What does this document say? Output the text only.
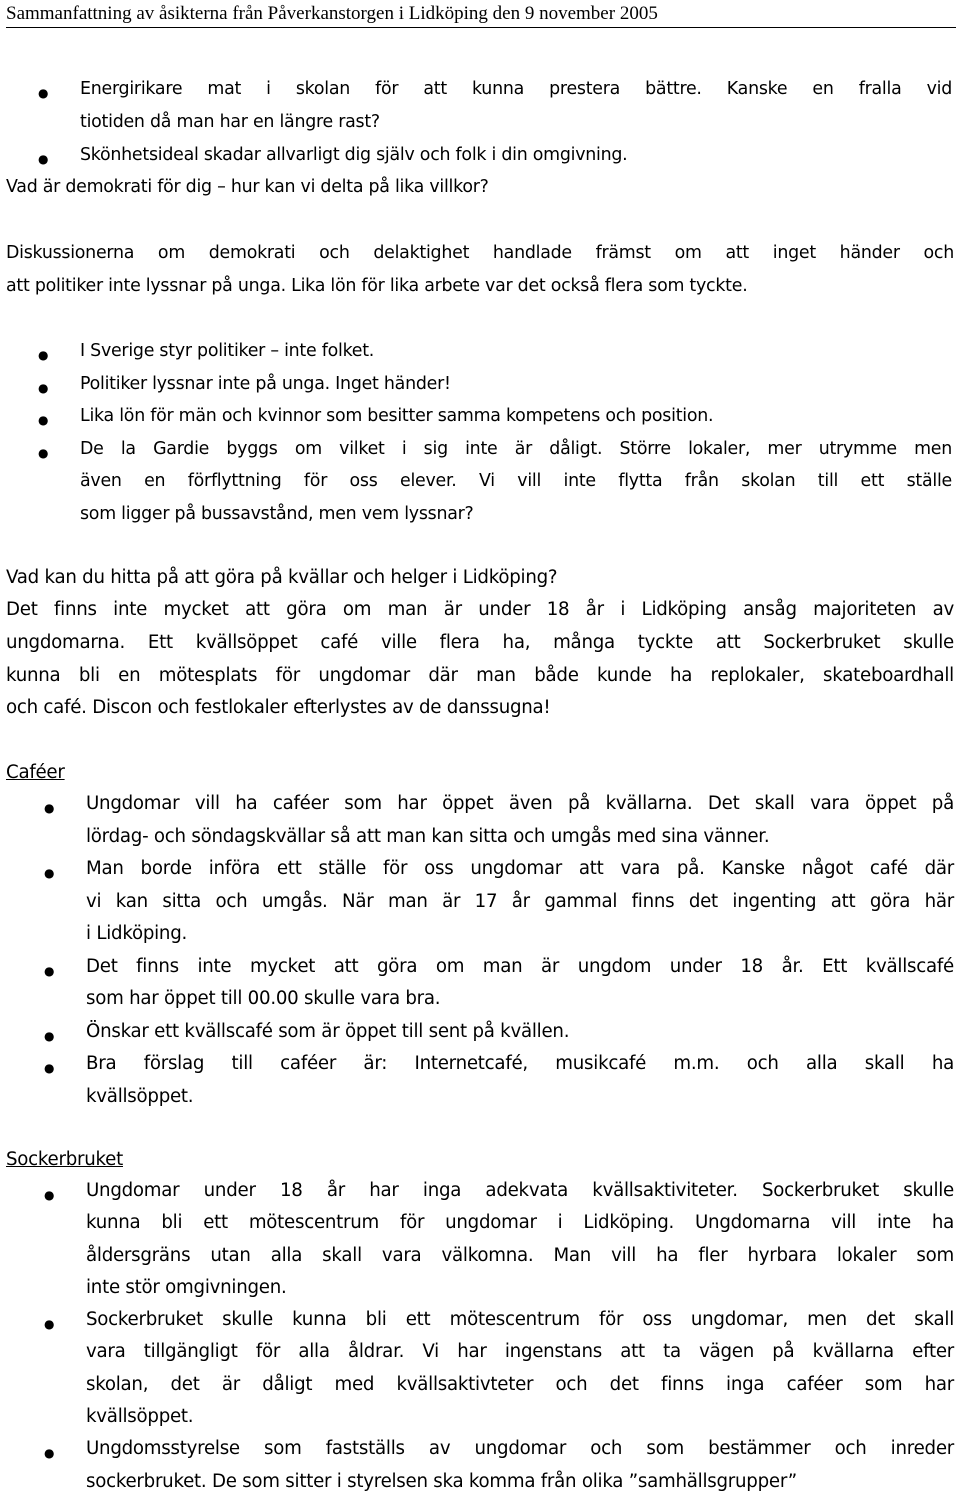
Sammanfattning av åsikterna från Påverkanstorgen i Lidköping den 9 november 2005
● Energirikare mat i skolan för att kunna prestera bättre. Kanske en fralla vid
tiotiden då man har en längre rast?
● Skönhetsideal skadar allvarligt dig själv och folk i din omgivning.
Vad är demokrati för dig – hur kan vi delta på lika villkor?
Diskussionerna om demokrati och delaktighet handlade främst om att inget händer och
att politiker inte lyssnar på unga. Lika lön för lika arbete var det också flera som tyckte.
● I Sverige styr politiker – inte folket.
● Politiker lyssnar inte på unga. Inget händer!
● Lika lön för män och kvinnor som besitter samma kompetens och position.
● De la Gardie byggs om vilket i sig inte är dåligt. Större lokaler, mer utrymme men
även en förflyttning för oss elever. Vi vill inte flytta från skolan till ett ställe
som ligger på bussavstånd, men vem lyssnar?
Vad kan du hitta på att göra på kvällar och helger i Lidköping?
Det finns inte mycket att göra om man är under 18 år i Lidköping ansåg majoriteten av
ungdomarna. Ett kvällsöppet café ville flera ha, många tyckte att Sockerbruket skulle
kunna bli en mötesplats för ungdomar där man både kunde ha replokaler, skateboardhall
och café. Discon och festlokaler efterlystes av de danssugna!
Caféer
● Ungdomar vill ha caféer som har öppet även på kvällarna. Det skall vara öppet på
lördag- och söndagskvällar så att man kan sitta och umgås med sina vänner.
● Man borde införa ett ställe för oss ungdomar att vara på. Kanske något café där
vi kan sitta och umgås. När man är 17 år gammal finns det ingenting att göra här
i Lidköping.
● Det finns inte mycket att göra om man är ungdom under 18 år. Ett kvällscafé
som har öppet till 00.00 skulle vara bra.
● Önskar ett kvällscafé som är öppet till sent på kvällen.
● Bra förslag till caféer är: Internetcafé, musikcafé m.m. och alla skall ha
kvällsöppet.
Sockerbruket
● Ungdomar under 18 år har inga adekvata kvällsaktiviteter. Sockerbruket skulle
kunna bli ett mötescentrum för ungdomar i Lidköping. Ungdomarna vill inte ha
åldersgräns utan alla skall vara välkomna. Man vill ha fler hyrbara lokaler som
inte stör omgivningen.
● Sockerbruket skulle kunna bli ett mötescentrum för oss ungdomar, men det skall
vara tillgängligt för alla åldrar. Vi har ingenstans att ta vägen på kvällarna efter
skolan, det är dåligt med kvällsaktivteter och det finns inga caféer som har
kvällsöppet.
● Ungdomsstyrelse som fastställs av ungdomar och som bestämmer och inreder
sockerbruket. De som sitter i styrelsen ska komma från olika ”samhällsgrupper”
